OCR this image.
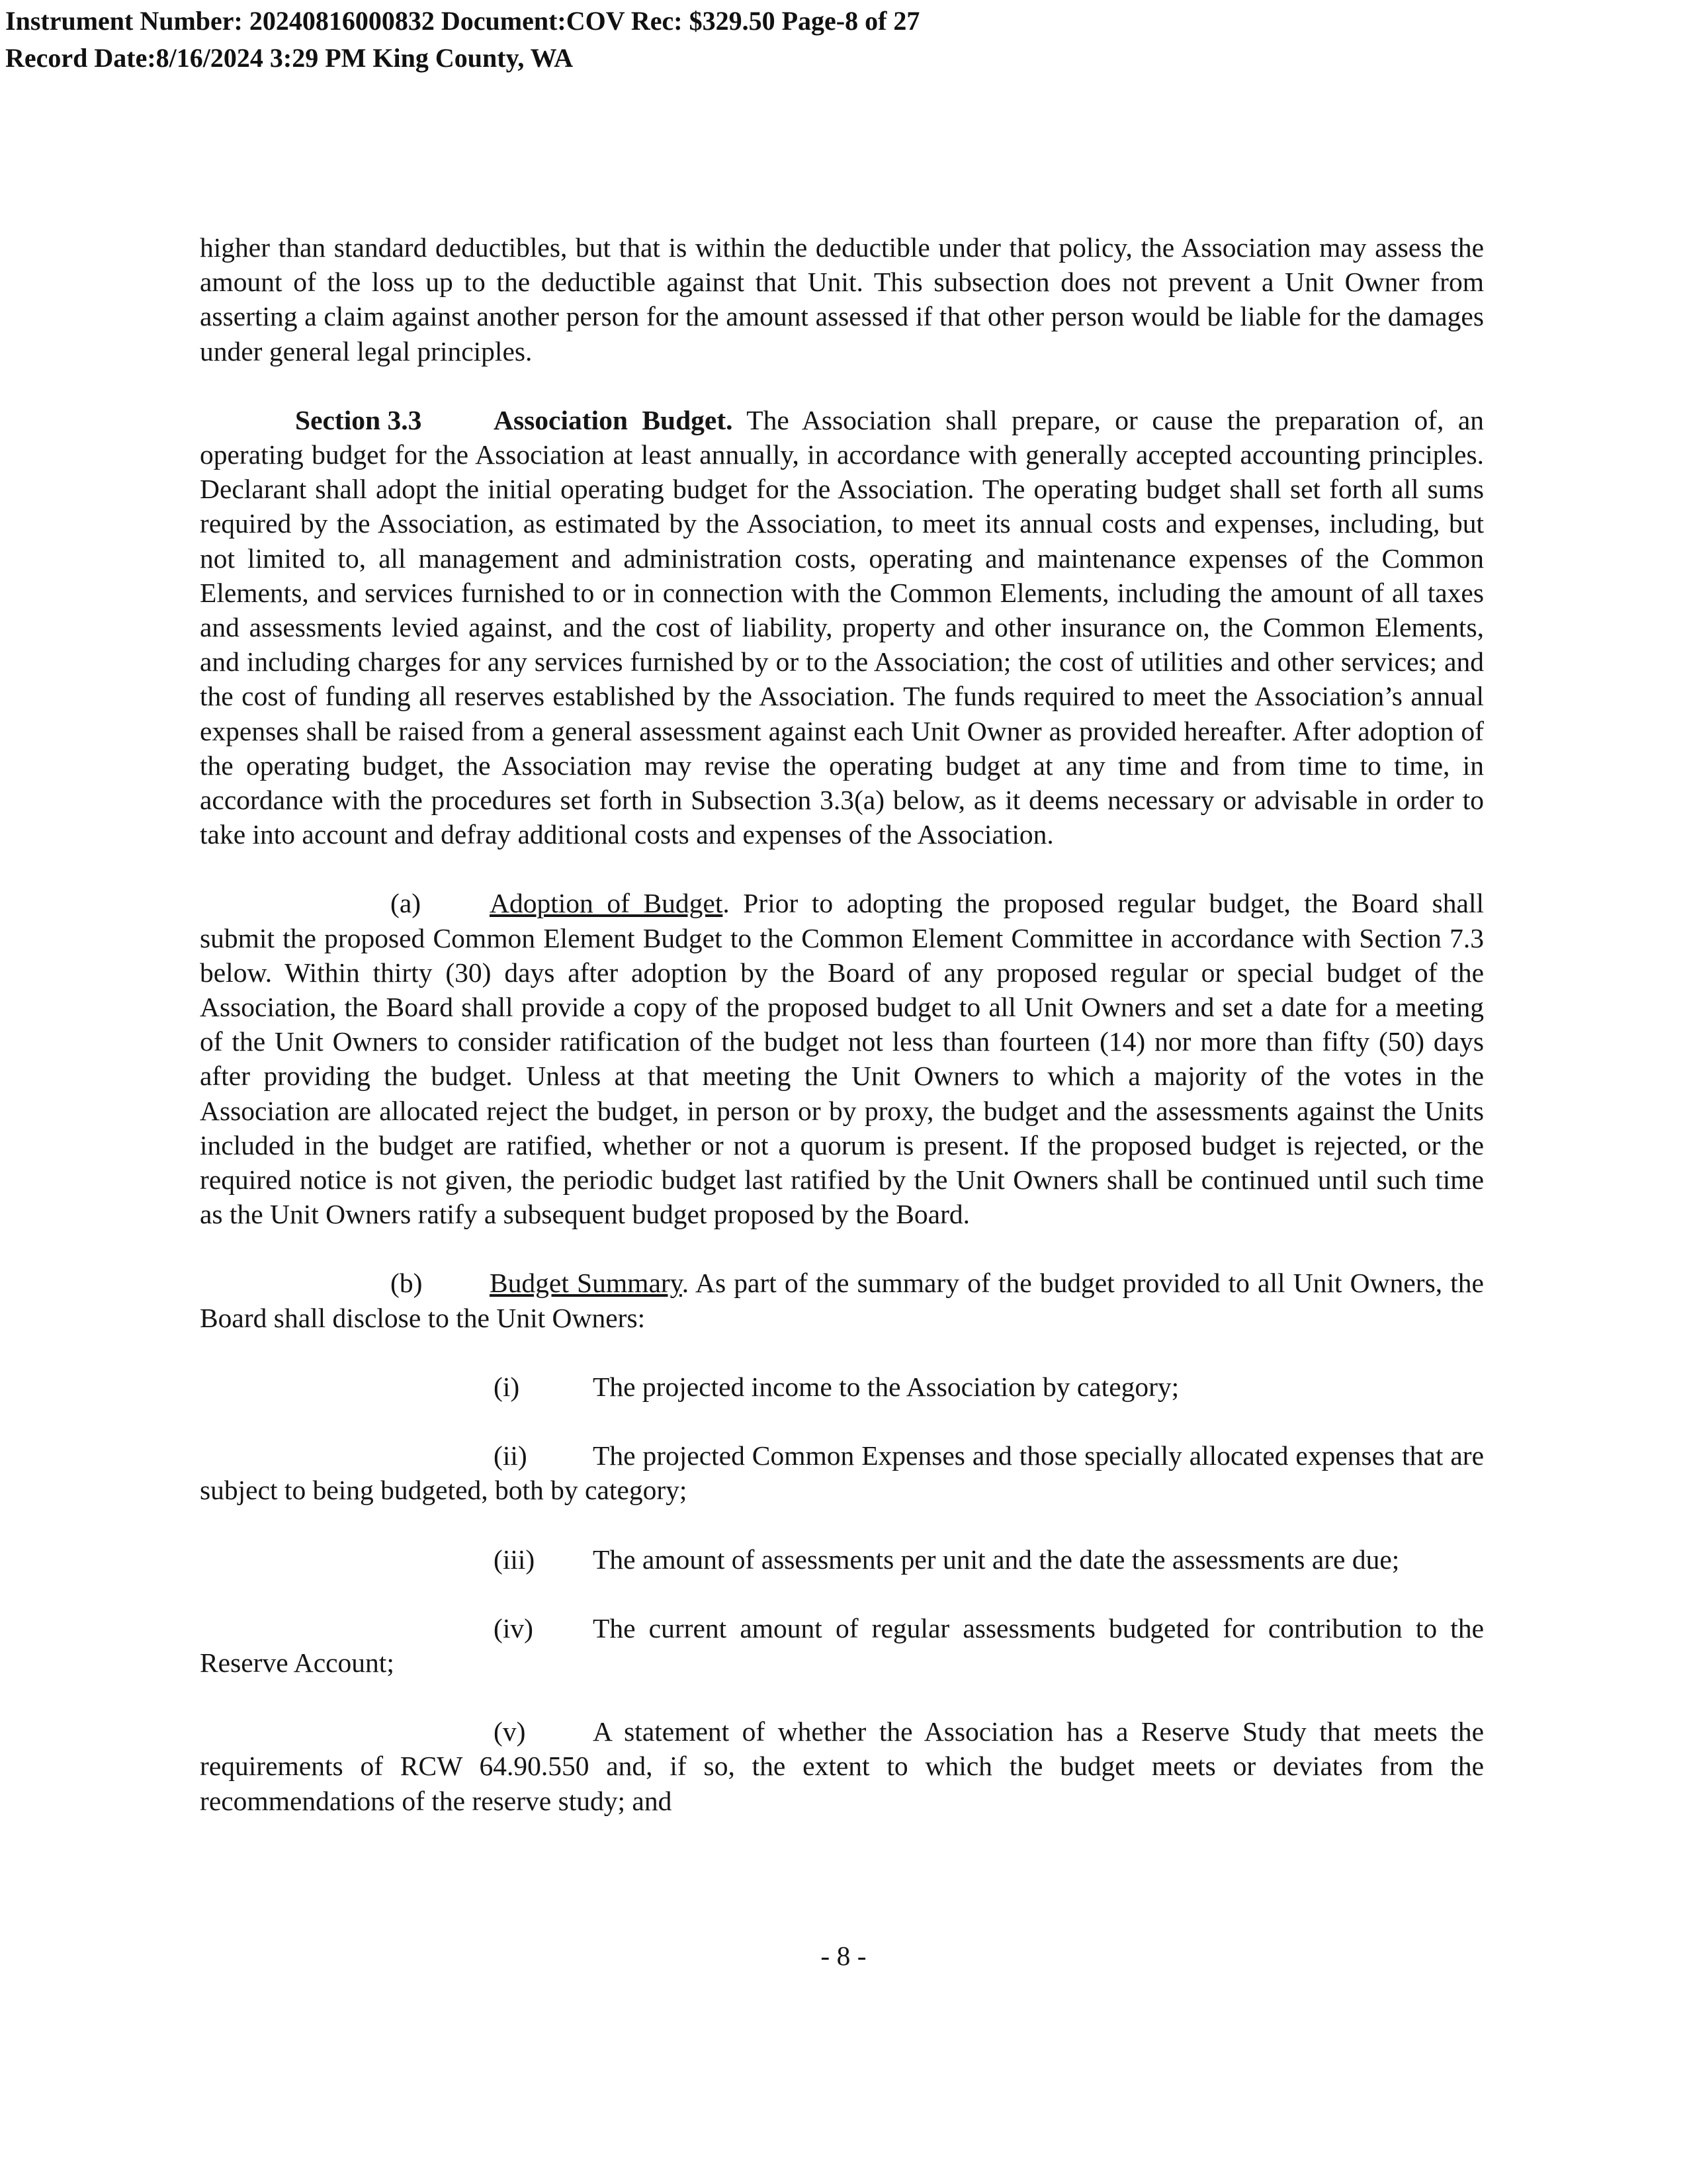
Instrument Number: 20240816000832 Document:COV Rec: $329.50 Page-8 of 27
Record Date:8/16/2024 3:29 PM King County, WA

higher than standard deductibles, but that is within the deductible under that policy, the Association may assess the amount of the loss up to the deductible against that Unit. This subsection does not prevent a Unit Owner from asserting a claim against another person for the amount assessed if that other person would be liable for the damages under general legal principles.

Section 3.3	Association Budget. The Association shall prepare, or cause the preparation of, an operating budget for the Association at least annually, in accordance with generally accepted accounting principles. Declarant shall adopt the initial operating budget for the Association. The operating budget shall set forth all sums required by the Association, as estimated by the Association, to meet its annual costs and expenses, including, but not limited to, all management and administration costs, operating and maintenance expenses of the Common Elements, and services furnished to or in connection with the Common Elements, including the amount of all taxes and assessments levied against, and the cost of liability, property and other insurance on, the Common Elements, and including charges for any services furnished by or to the Association; the cost of utilities and other services; and the cost of funding all reserves established by the Association. The funds required to meet the Association’s annual expenses shall be raised from a general assessment against each Unit Owner as provided hereafter. After adoption of the operating budget, the Association may revise the operating budget at any time and from time to time, in accordance with the procedures set forth in Subsection 3.3(a) below, as it deems necessary or advisable in order to take into account and defray additional costs and expenses of the Association.

(a)	Adoption of Budget. Prior to adopting the proposed regular budget, the Board shall submit the proposed Common Element Budget to the Common Element Committee in accordance with Section 7.3 below. Within thirty (30) days after adoption by the Board of any proposed regular or special budget of the Association, the Board shall provide a copy of the proposed budget to all Unit Owners and set a date for a meeting of the Unit Owners to consider ratification of the budget not less than fourteen (14) nor more than fifty (50) days after providing the budget. Unless at that meeting the Unit Owners to which a majority of the votes in the Association are allocated reject the budget, in person or by proxy, the budget and the assessments against the Units included in the budget are ratified, whether or not a quorum is present. If the proposed budget is rejected, or the required notice is not given, the periodic budget last ratified by the Unit Owners shall be continued until such time as the Unit Owners ratify a subsequent budget proposed by the Board.

(b) Budget Summary. As part of the summary of the budget provided to all Unit Owners, the Board shall disclose to the Unit Owners:

(i)	The projected income to the Association by category;

(ii) The projected Common Expenses and those specially allocated expenses that are subject to being budgeted, both by category;

(iii) The amount of assessments per unit and the date the assessments are due;

(iv) The current amount of regular assessments budgeted for contribution to the Reserve Account;

(v) A statement of whether the Association has a Reserve Study that meets the requirements of RCW 64.90.550 and, if so, the extent to which the budget meets or deviates from the recommendations of the reserve study; and

- 8 -
